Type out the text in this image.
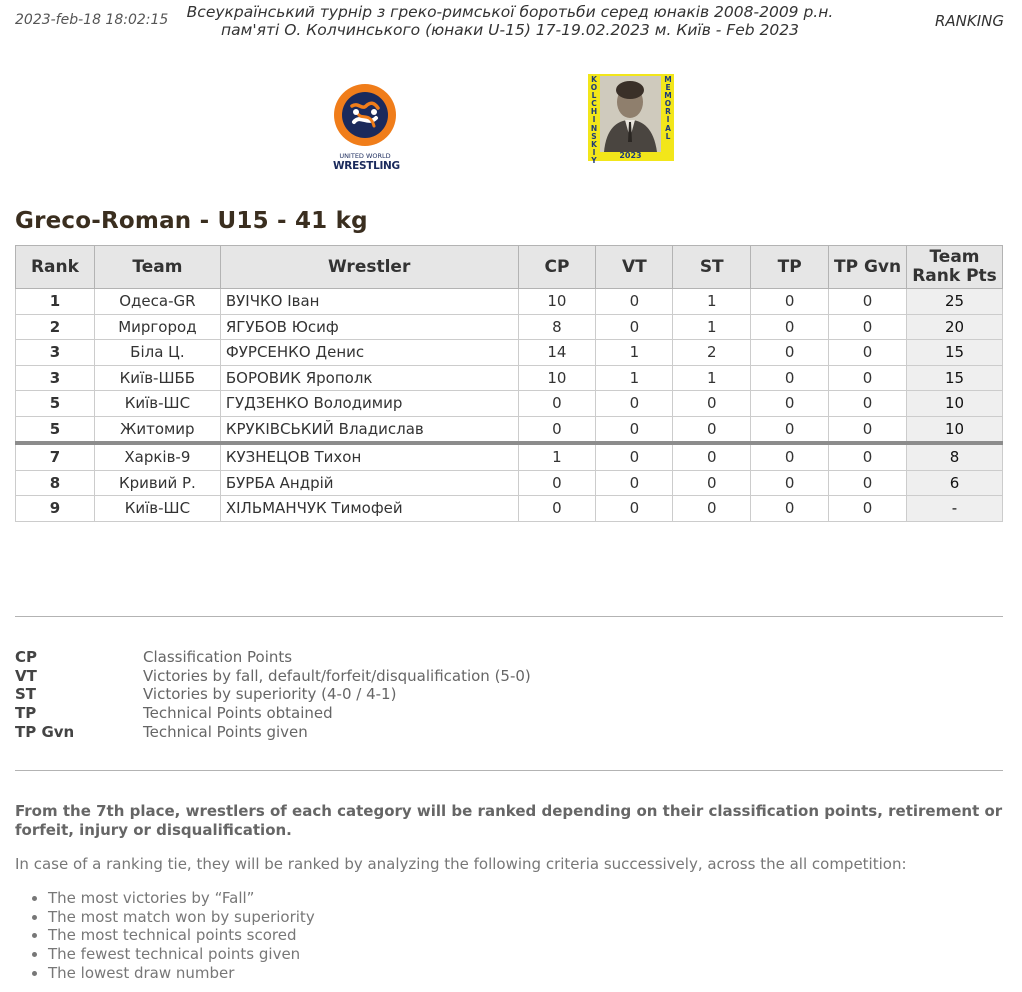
2023-feb-18 18:02:15	Всеукраїнський турнір з греко-римської боротьби серед юнаків 2008-2009 р.н.
пам'яті О. Колчинського (юнаки U-15) 17-19.02.2023 м. Київ - Feb 2023	RANKING
UNITED WORLD
WRESTLING
K
O
L
C
H
I
N
S
K
I
Y
M
E
M
O
R
I
A
L
2023
Greco-Roman - U15 - 41 kg
Rank	Team	Wrestler	CP	VT	ST	TP	TP Gvn	Team
Rank Pts

1	Одеса-GR	ВУІЧКО Іван	10	0	1	0	0	25
2	Миргород	ЯГУБОВ Юсиф	8	0	1	0	0	20
3	Біла Ц.	ФУРСЕНКО Денис	14	1	2	0	0	15
3	Київ-ШББ	БОРОВИК Ярополк	10	1	1	0	0	15
5	Київ-ШС	ГУДЗЕНКО Володимир	0	0	0	0	0	10
5	Житомир	КРУКІВСЬКИЙ Владислав	0	0	0	0	0	10
7	Харків-9	КУЗНЕЦОВ Тихон	1	0	0	0	0	8
8	Кривий Р.	БУРБА Андрій	0	0	0	0	0	6
9	Київ-ШС	ХІЛЬМАНЧУК Тимофей	0	0	0	0	0	-
CP	Classification Points
VT	Victories by fall, default/forfeit/disqualification (5-0)
ST	Victories by superiority (4-0 / 4-1)
TP	Technical Points obtained
TP Gvn	Technical Points given
From the 7th place, wrestlers of each category will be ranked depending on their classification points, retirement or forfeit, injury or disqualification.
In case of a ranking tie, they will be ranked by analyzing the following criteria successively, across the all competition:
• The most victories by “Fall”
• The most match won by superiority
• The most technical points scored
• The fewest technical points given
• The lowest draw number
